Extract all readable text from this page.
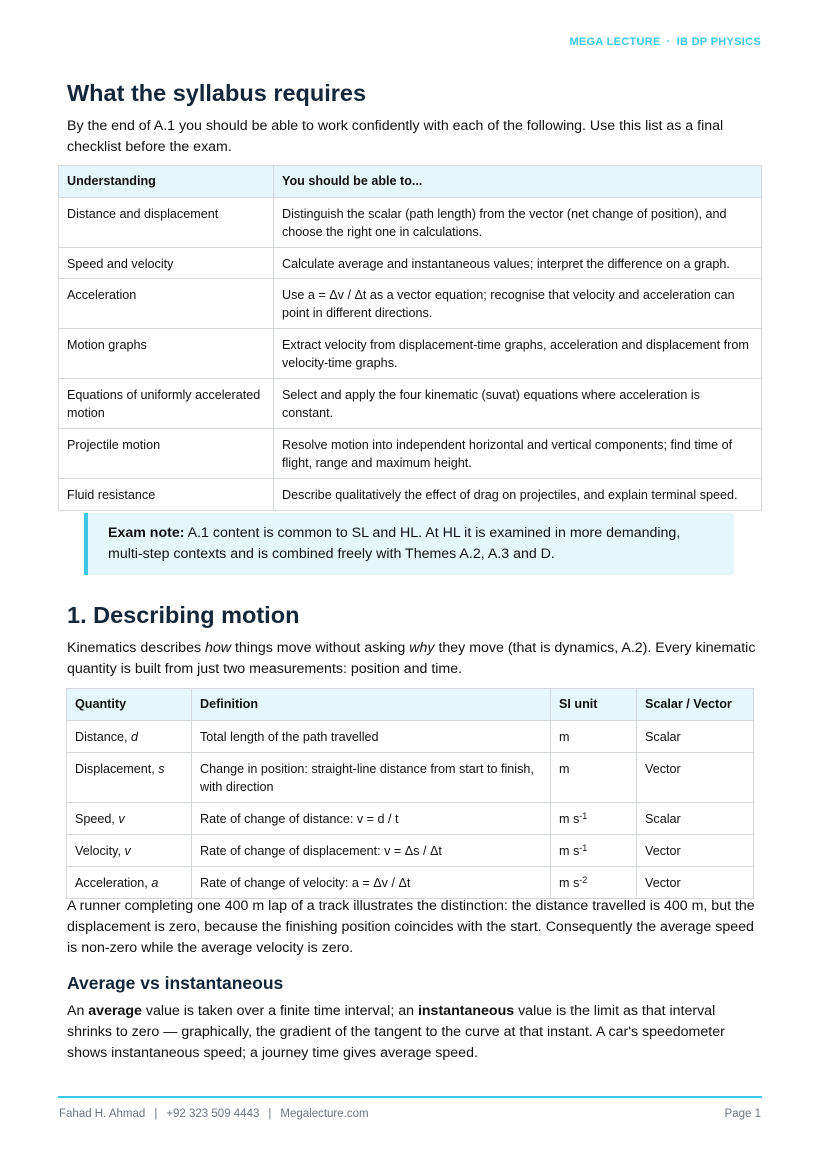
MEGA LECTURE · IB DP PHYSICS
What the syllabus requires

By the end of A.1 you should be able to work confidently with each of the following. Use this list as a final checklist before the exam.

Understanding	You should be able to...
Distance and displacement	Distinguish the scalar (path length) from the vector (net change of position), and choose the right one in calculations.
Speed and velocity	Calculate average and instantaneous values; interpret the difference on a graph.
Acceleration	Use a = Δv / Δt as a vector equation; recognise that velocity and acceleration can point in different directions.
Motion graphs	Extract velocity from displacement-time graphs, acceleration and displacement from velocity-time graphs.
Equations of uniformly accelerated motion	Select and apply the four kinematic (suvat) equations where acceleration is constant.
Projectile motion	Resolve motion into independent horizontal and vertical components; find time of flight, range and maximum height.
Fluid resistance	Describe qualitatively the effect of drag on projectiles, and explain terminal speed.
Exam note: A.1 content is common to SL and HL. At HL it is examined in more demanding, multi-step contexts and is combined freely with Themes A.2, A.3 and D.
1. Describing motion

Kinematics describes how things move without asking why they move (that is dynamics, A.2). Every kinematic quantity is built from just two measurements: position and time.

Quantity	Definition	SI unit	Scalar / Vector
Distance, d	Total length of the path travelled	m	Scalar
Displacement, s	Change in position: straight-line distance from start to finish, with direction	m	Vector
Speed, v	Rate of change of distance: v = d / t	m $s^{-1}$	Scalar
Velocity, v	Rate of change of displacement: v = Δs / Δt	m $s^{-1}$	Vector
Acceleration, a	Rate of change of velocity: a = Δv / Δt	m $s^{-2}$	Vector

A runner completing one 400 m lap of a track illustrates the distinction: the distance travelled is 400 m, but the displacement is zero, because the finishing position coincides with the start. Consequently the average speed is non-zero while the average velocity is zero.

Average vs instantaneous

An average value is taken over a finite time interval; an instantaneous value is the limit as that interval shrinks to zero — graphically, the gradient of the tangent to the curve at that instant. A car's speedometer shows instantaneous speed; a journey time gives average speed.

Fahad H. Ahmad | +92 323 509 4443 | Megalecture.com	Page 1
